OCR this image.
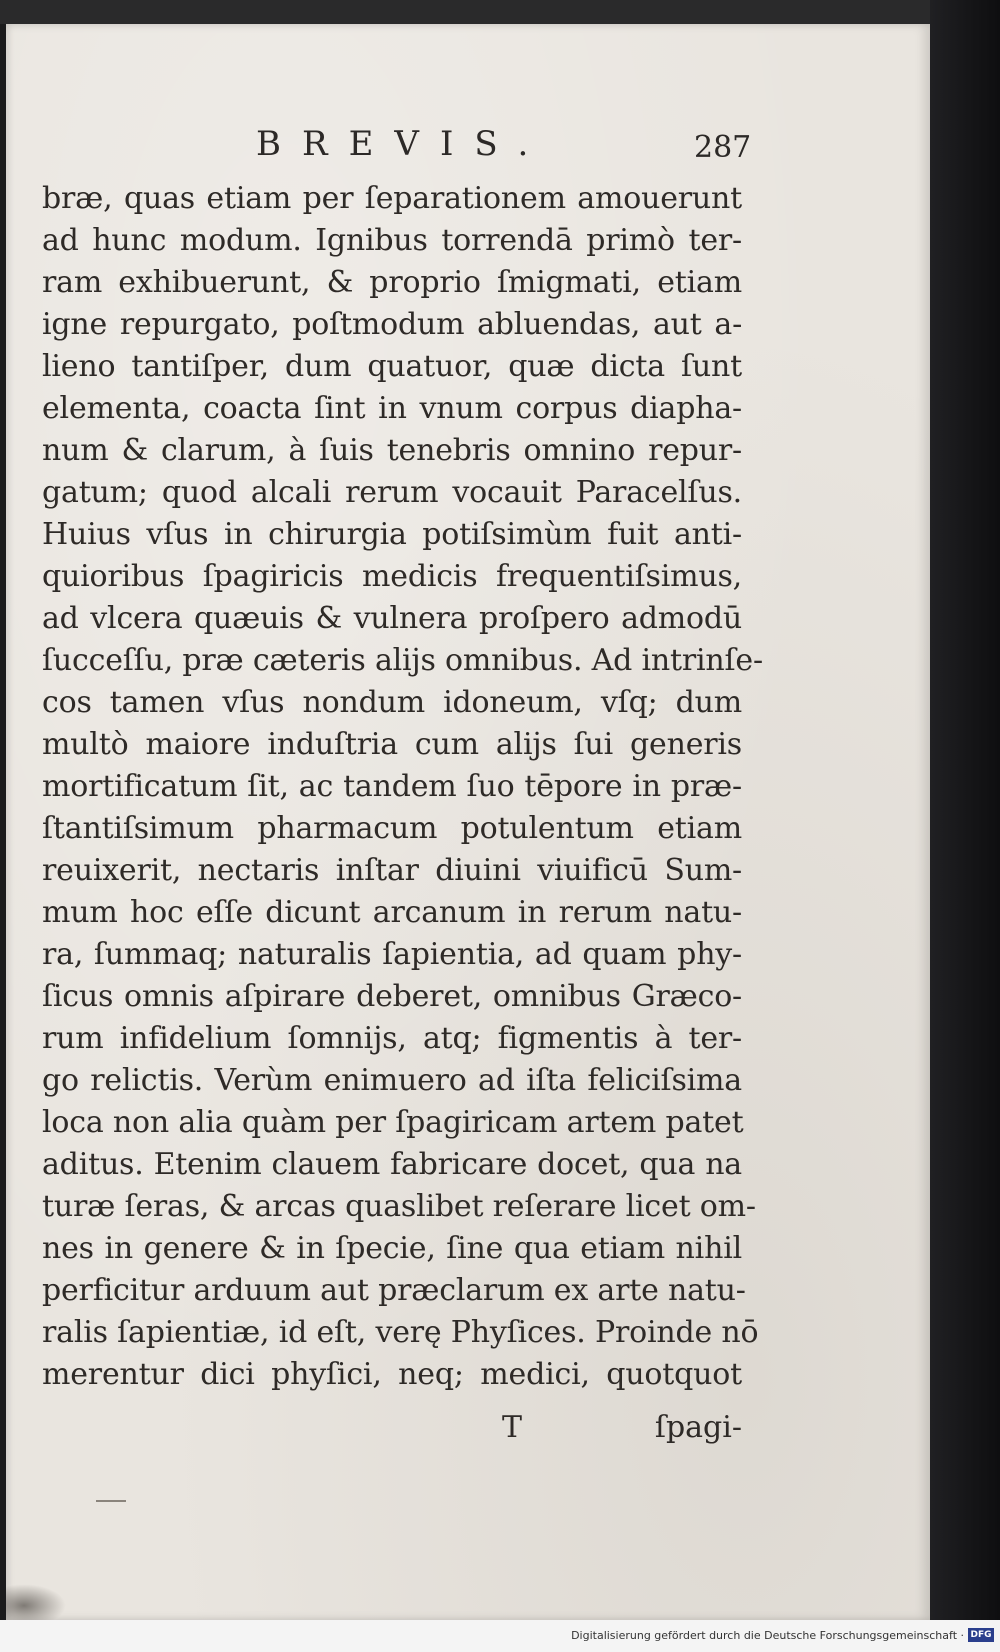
BREVIS.	287
bræ, quas etiam per ſeparationem amouerunt
ad hunc modum. Ignibus torrendā primò ter-
ram exhibuerunt, & proprio ſmigmati, etiam
igne repurgato, poſtmodum abluendas, aut a-
lieno tantiſper, dum quatuor, quæ dicta ſunt
elementa, coacta ſint in vnum corpus diapha-
num & clarum, à ſuis tenebris omnino repur-
gatum; quod alcali rerum vocauit Paracelſus.
Huius vſus in chirurgia potiſsimùm fuit anti-
quioribus ſpagiricis medicis frequentiſsimus,
ad vlcera quæuis & vulnera proſpero admodū
ſucceſſu, præ cæteris alijs omnibus. Ad intrinſe-
cos tamen vſus nondum idoneum, vſq; dum
multò maiore induſtria cum alijs ſui generis
mortificatum ſit, ac tandem ſuo tēpore in præ-
ſtantiſsimum pharmacum potulentum etiam
reuixerit, nectaris inſtar diuini viuificū Sum-
mum hoc eſſe dicunt arcanum in rerum natu-
ra, ſummaq; naturalis ſapientia, ad quam phy-
ſicus omnis aſpirare deberet, omnibus Græco-
rum infidelium ſomnijs, atq; figmentis à ter-
go relictis. Verùm enimuero ad iſta feliciſsima
loca non alia quàm per ſpagiricam artem patet
aditus. Etenim clauem fabricare docet, qua na
turæ ſeras, & arcas quaslibet reſerare licet om-
nes in genere & in ſpecie, ſine qua etiam nihil
perficitur arduum aut præclarum ex arte natu-
ralis ſapientiæ, id eſt, verę Phyſices. Proinde nō
merentur dici phyſici, neq; medici, quotquot
T	ſpagi-
Digitalisierung gefördert durch die Deutsche Forschungsgemeinschaft · DFG
